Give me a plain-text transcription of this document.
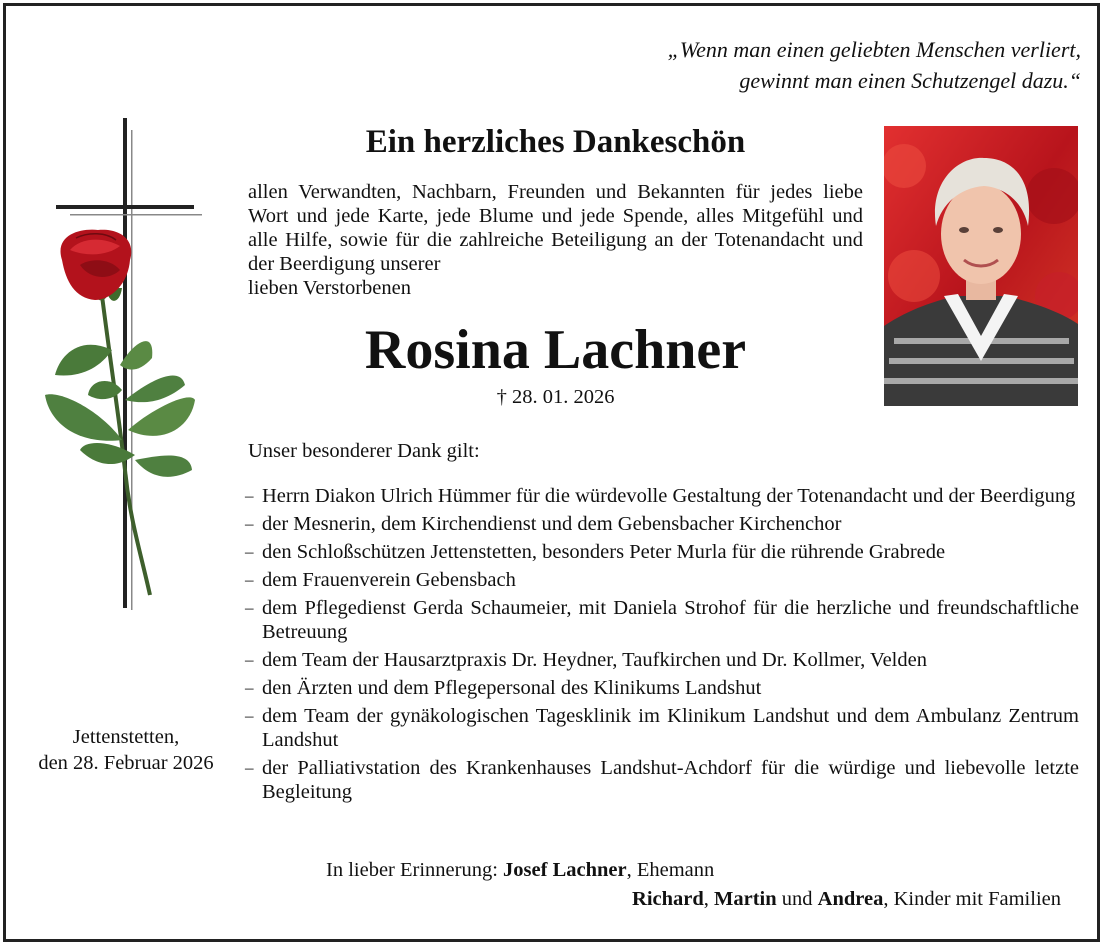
„Wenn man einen geliebten Menschen verliert,
gewinnt man einen Schutzengel dazu.“
Ein herzliches Dankeschön
allen Verwandten, Nachbarn, Freunden und Bekannten für jedes liebe Wort und jede Karte, jede Blume und jede Spende, alles Mitgefühl und alle Hilfe, sowie für die zahlreiche Beteiligung an der Totenandacht und der Beerdigung unserer
lieben Verstorbenen
Rosina Lachner
† 28. 01. 2026
Unser besonderer Dank gilt:
– Herrn Diakon Ulrich Hümmer für die würdevolle Gestaltung der Totenandacht und der Beerdigung
– der Mesnerin, dem Kirchendienst und dem Gebensbacher Kirchenchor
– den Schloßschützen Jettenstetten, besonders Peter Murla für die rührende Grabrede
– dem Frauenverein Gebensbach
– dem Pflegedienst Gerda Schaumeier, mit Daniela Strohof für die herzliche und freundschaftliche Betreuung
– dem Team der Hausarztpraxis Dr. Heydner, Taufkirchen und Dr. Kollmer, Velden
– den Ärzten und dem Pflegepersonal des Klinikums Landshut
– dem Team der gynäkologischen Tagesklinik im Klinikum Landshut und dem Ambulanz Zentrum Landshut
– der Palliativstation des Krankenhauses Landshut-Achdorf für die würdige und liebevolle letzte Begleitung
Jettenstetten,
den 28. Februar 2026
In lieber Erinnerung: Josef Lachner, Ehemann
Richard, Martin und Andrea, Kinder mit Familien
